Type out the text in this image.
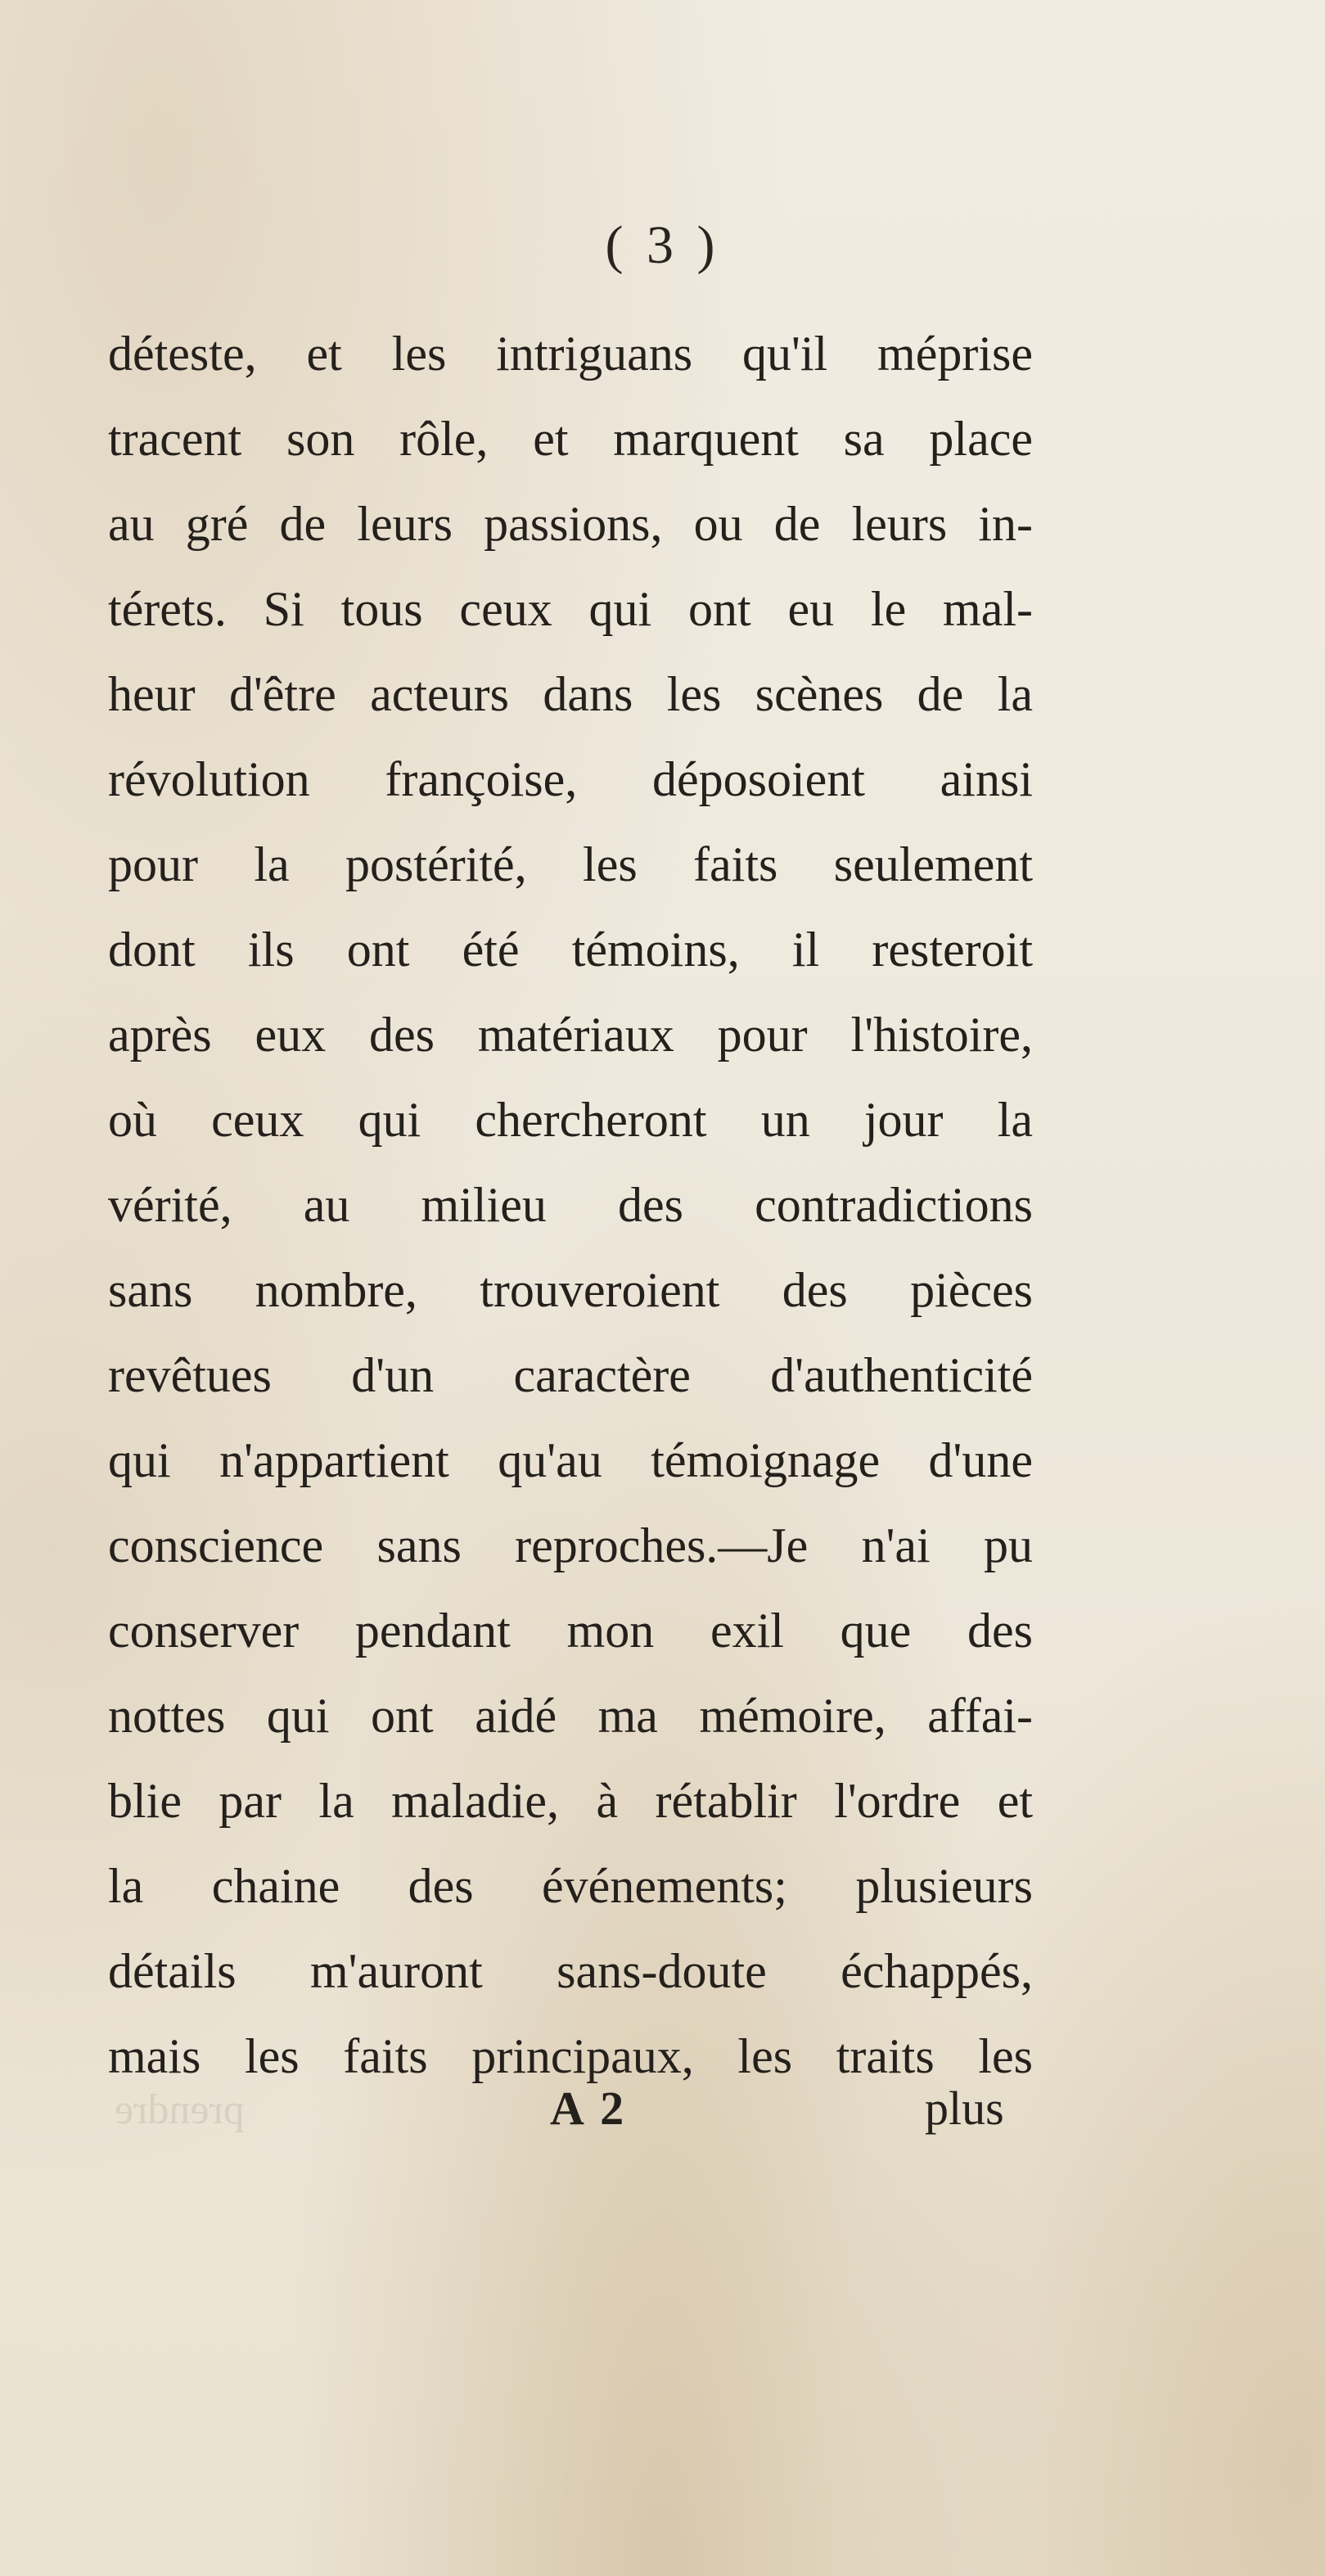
( 3 )
déteste, et les intriguans qu'il méprise
tracent son rôle, et marquent sa place
au gré de leurs passions, ou de leurs in-
térets. Si tous ceux qui ont eu le mal-
heur d'être acteurs dans les scènes de la
révolution françoise, déposoient ainsi
pour la postérité, les faits seulement
dont ils ont été témoins, il resteroit
après eux des matériaux pour l'histoire,
où ceux qui chercheront un jour la
vérité, au milieu des contradictions
sans nombre, trouveroient des pièces
revêtues d'un caractère d'authenticité
qui n'appartient qu'au témoignage d'une
conscience sans reproches.—Je n'ai pu
conserver pendant mon exil que des
nottes qui ont aidé ma mémoire, affai-
blie par la maladie, à rétablir l'ordre et
la chaine des événements; plusieurs
détails m'auront sans-doute échappés,
mais les faits principaux, les traits les
prendre	A 2	plus
